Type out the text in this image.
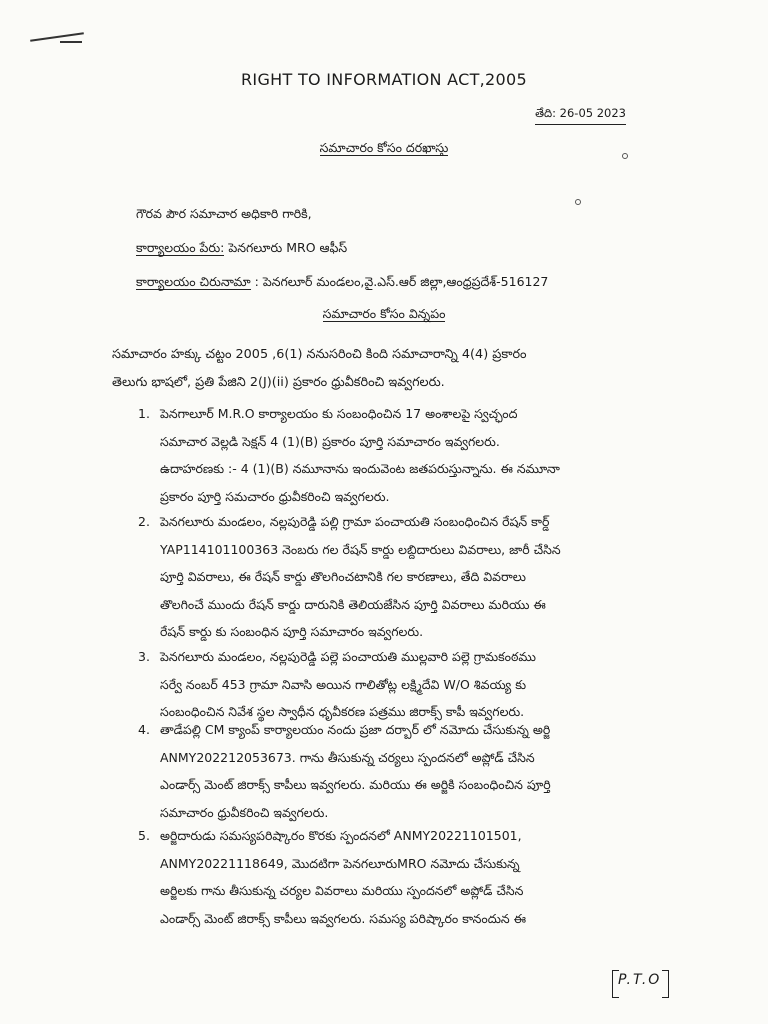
RIGHT TO INFORMATION ACT,2005
తేది: 26-05 2023
సమాచారం కోసం దరఖాస్తు
గౌరవ పౌర సమాచార అధికారి గారికి,
కార్యాలయం పేరు: పెనగలూరు MRO ఆఫీస్
కార్యాలయం చిరునామా : పెనగలూర్ మండలం,వై.ఎస్.ఆర్ జిల్లా,ఆంధ్రప్రదేశ్-516127
సమాచారం కోసం విన్నపం
సమాచారం హక్కు చట్టం 2005 ,6(1) ననుసరించి కింది సమాచారాన్ని 4(4) ప్రకారం
తెలుగు భాషలో, ప్రతి పేజిని 2(J)(ii) ప్రకారం ధ్రువీకరించి ఇవ్వగలరు.
1. పెనగాలూర్ M.R.O కార్యాలయం కు సంబంధించిన 17 అంశాలపై స్వచ్ఛంద
సమాచార వెల్లడి సెక్షన్ 4 (1)(B) ప్రకారం పూర్తి సమాచారం ఇవ్వగలరు.
ఉదాహరణకు :- 4 (1)(B) నమూనాను ఇందువెంట జతపరుస్తున్నాను. ఈ నమూనా
ప్రకారం పూర్తి సమచారం ధ్రువీకరించి ఇవ్వగలరు.
2. పెనగలూరు మండలం, నల్లపురెడ్డి పల్లి గ్రామా పంచాయతి సంబంధించిన రేషన్ కార్డ్
YAP114101100363 నెంబరు గల రేషన్ కార్డు లబ్దిదారులు వివరాలు, జారీ చేసిన
పూర్తి వివరాలు, ఈ రేషన్ కార్డు తొలగించటానికి గల కారణాలు, తేది వివరాలు
తొలగించే ముందు రేషన్ కార్డు దారునికి తెలియజేసిన పూర్తి వివరాలు మరియు ఈ
రేషన్ కార్డు కు సంబంధిన పూర్తి సమాచారం ఇవ్వగలరు.
3. పెనగలూరు మండలం, నల్లపురెడ్డి పల్లె పంచాయతి ముల్లవారి పల్లె గ్రామకంఠము
సర్వే నంబర్ 453 గ్రామా నివాసి అయిన గాలితోట్ల లక్ష్మిదేవి W/O శివయ్య కు
సంబంధించిన నివేశ స్థల స్వాధీన ధృవీకరణ పత్రము జిరాక్స్ కాపీ ఇవ్వగలరు.
4. తాడేపల్లి CM క్యాంప్ కార్యాలయం నందు ప్రజా దర్బార్ లో నమోదు చేసుకున్న అర్జి
ANMY202212053673. గాను తీసుకున్న చర్యలు స్పందనలో అప్లోడ్ చేసిన
ఎండార్స్ మెంట్ జిరాక్స్ కాపీలు ఇవ్వగలరు. మరియు ఈ అర్జికి సంబంధించిన పూర్తి
సమాచారం ధ్రువీకరించి ఇవ్వగలరు.
5. అర్జిదారుడు సమస్యపరిష్కారం కొరకు స్పందనలో ANMY20221101501,
ANMY20221118649, మొదటిగా పెనగలూరుMRO నమోదు చేసుకున్న
అర్జిలకు గాను తీసుకున్న చర్యల వివరాలు మరియు స్పందనలో అప్లోడ్ చేసిన
ఎండార్స్ మెంట్ జిరాక్స్ కాపీలు ఇవ్వగలరు. సమస్య పరిష్కారం కానందున ఈ
P.T.O
